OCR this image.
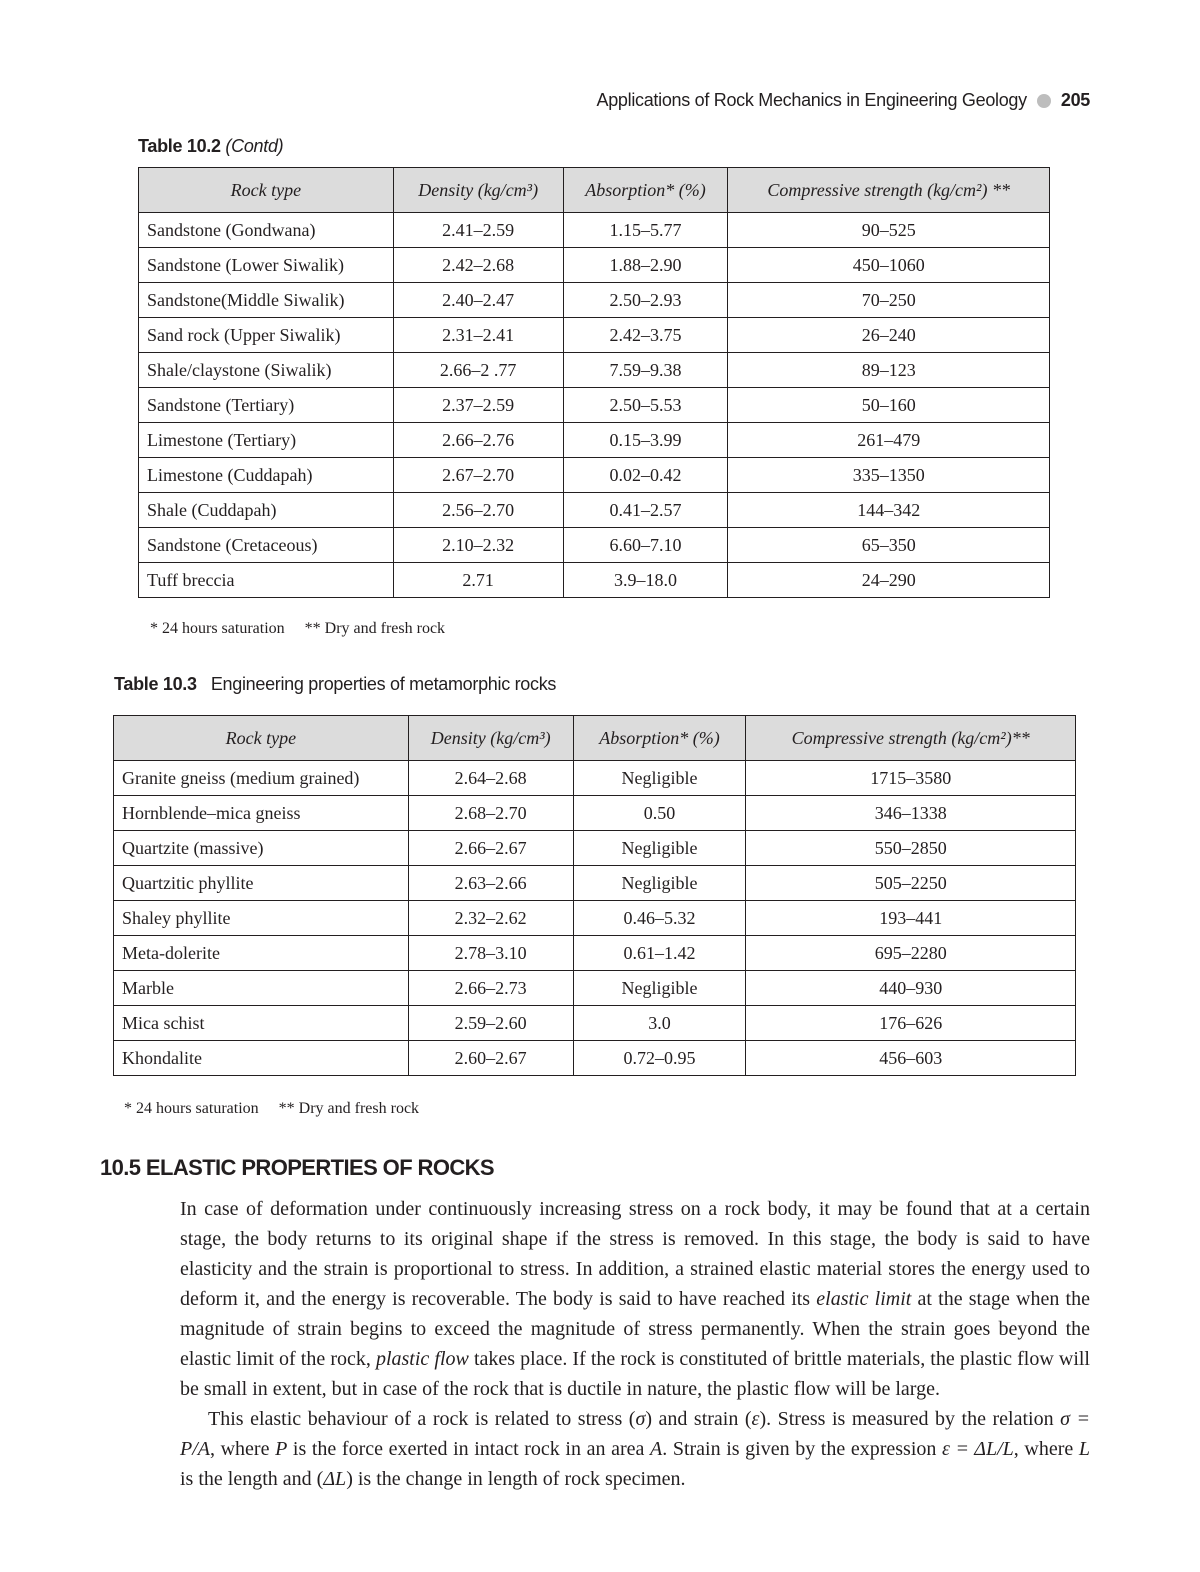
Applications of Rock Mechanics in Engineering Geology 205
Table 10.2 (Contd)
Rock type	Density (kg/cm³)	Absorption* (%)	Compressive strength (kg/cm²) **
Sandstone (Gondwana)	2.41–2.59	1.15–5.77	90–525
Sandstone (Lower Siwalik)	2.42–2.68	1.88–2.90	450–1060
Sandstone(Middle Siwalik)	2.40–2.47	2.50–2.93	70–250
Sand rock (Upper Siwalik)	2.31–2.41	2.42–3.75	26–240
Shale/claystone (Siwalik)	2.66–2 .77	7.59–9.38	89–123
Sandstone (Tertiary)	2.37–2.59	2.50–5.53	50–160
Limestone (Tertiary)	2.66–2.76	0.15–3.99	261–479
Limestone (Cuddapah)	2.67–2.70	0.02–0.42	335–1350
Shale (Cuddapah)	2.56–2.70	0.41–2.57	144–342
Sandstone (Cretaceous)	2.10–2.32	6.60–7.10	65–350
Tuff breccia	2.71	3.9–18.0	24–290
* 24 hours saturation ** Dry and fresh rock
Table 10.3 Engineering properties of metamorphic rocks
Rock type	Density (kg/cm³)	Absorption* (%)	Compressive strength (kg/cm²)**
Granite gneiss (medium grained)	2.64–2.68	Negligible	1715–3580
Hornblende–mica gneiss	2.68–2.70	0.50	346–1338
Quartzite (massive)	2.66–2.67	Negligible	550–2850
Quartzitic phyllite	2.63–2.66	Negligible	505–2250
Shaley phyllite	2.32–2.62	0.46–5.32	193–441
Meta-dolerite	2.78–3.10	0.61–1.42	695–2280
Marble	2.66–2.73	Negligible	440–930
Mica schist	2.59–2.60	3.0	176–626
Khondalite	2.60–2.67	0.72–0.95	456–603
* 24 hours saturation ** Dry and fresh rock
10.5 ELASTIC PROPERTIES OF ROCKS

In case of deformation under continuously increasing stress on a rock body, it may be found that at a certain stage, the body returns to its original shape if the stress is removed. In this stage, the body is said to have elasticity and the strain is proportional to stress. In addition, a strained elastic material stores the energy used to deform it, and the energy is recoverable. The body is said to have reached its elastic limit at the stage when the magnitude of strain begins to exceed the magnitude of stress permanently. When the strain goes beyond the elastic limit of the rock, plastic flow takes place. If the rock is constituted of brittle materials, the plastic flow will be small in extent, but in case of the rock that is ductile in nature, the plastic flow will be large.

This elastic behaviour of a rock is related to stress (σ) and strain (ε). Stress is measured by the relation σ = P/A, where P is the force exerted in intact rock in an area A. Strain is given by the expression ε = ΔL/L, where L is the length and (ΔL) is the change in length of rock specimen.
